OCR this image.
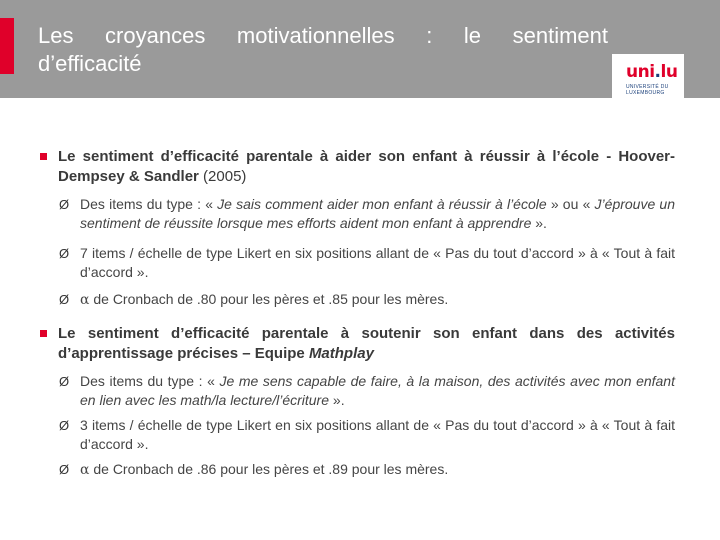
Les croyances motivationnelles : le sentiment d’efficacité	uni.lu
UNIVERSITÉ DU
LUXEMBOURG
Le sentiment d’efficacité parentale à aider son enfant à réussir à l’école - Hoover-Dempsey & Sandler (2005)
Ø Des items du type : « Je sais comment aider mon enfant à réussir à l’école » ou « J’éprouve un sentiment de réussite lorsque mes efforts aident mon enfant à apprendre ».
Ø 7 items / échelle de type Likert en six positions allant de « Pas du tout d’accord » à « Tout à fait d’accord ».
Ø α de Cronbach de .80 pour les pères et .85 pour les mères.
Le sentiment d’efficacité parentale à soutenir son enfant dans des activités d’apprentissage précises – Equipe Mathplay
Ø Des items du type : « Je me sens capable de faire, à la maison, des activités avec mon enfant en lien avec les math/la lecture/l’écriture ».
Ø 3 items / échelle de type Likert en six positions allant de « Pas du tout d’accord » à « Tout à fait d’accord ».
Ø α de Cronbach de .86 pour les pères et .89 pour les mères.
